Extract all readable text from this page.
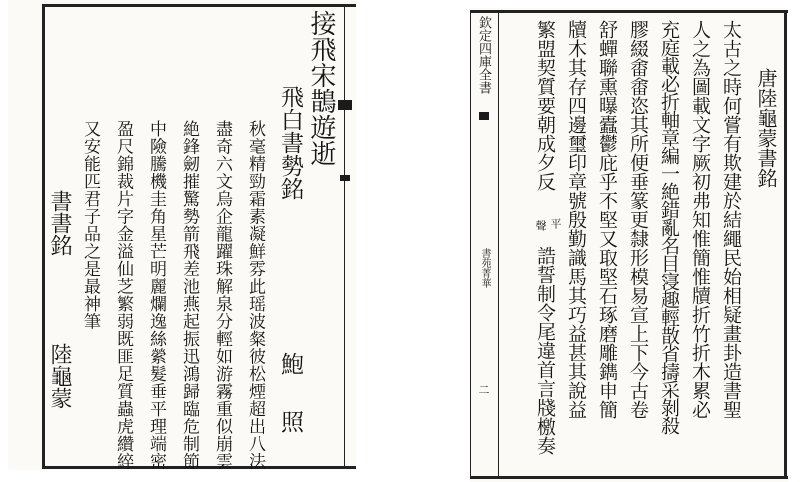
接飛宋鵲遊逝
飛白書勢銘
鮑　照
秋毫精勁霜素凝鮮雰此瑶波粲彼松煙超出八法
盡奇六文烏企龍躍珠解泉分輕如游霧重似崩雲
絶鋒劒摧驚勢箭飛差池燕起振迅鴻歸臨危制節
中險騰機圭角星芒明麗爛逸絲縈髮垂平理端密
盈尺錦裁片字金溢仙芝繁弱既匪足質蟲虎纘綷
又安能匹君子品之是最神筆
書書銘
陸龜蒙
欽定四庫全書
書苑菁華
二
唐陸龜蒙書銘
太古之時何嘗有欺建於結繩民始相疑畫卦造書聖
人之為圖載文字厥初弗知惟簡惟牘折竹折木累必
充庭載必折軸章編一絶錯亂名目寖趣輕㪚省擣采剝殺
膠綴畬畬恣其所便垂篆更隸形模易宣上下今古卷
舒蟬聯熏曝蠹鬱庇乎不堅又取堅石琢磨雕鐫申簡
牘木其存四邊璽印章號殷勤識馬其巧益甚其說益
繁盟契質要朝成夕反
平
聲
誥誓制令尾違首言牋檄奏
